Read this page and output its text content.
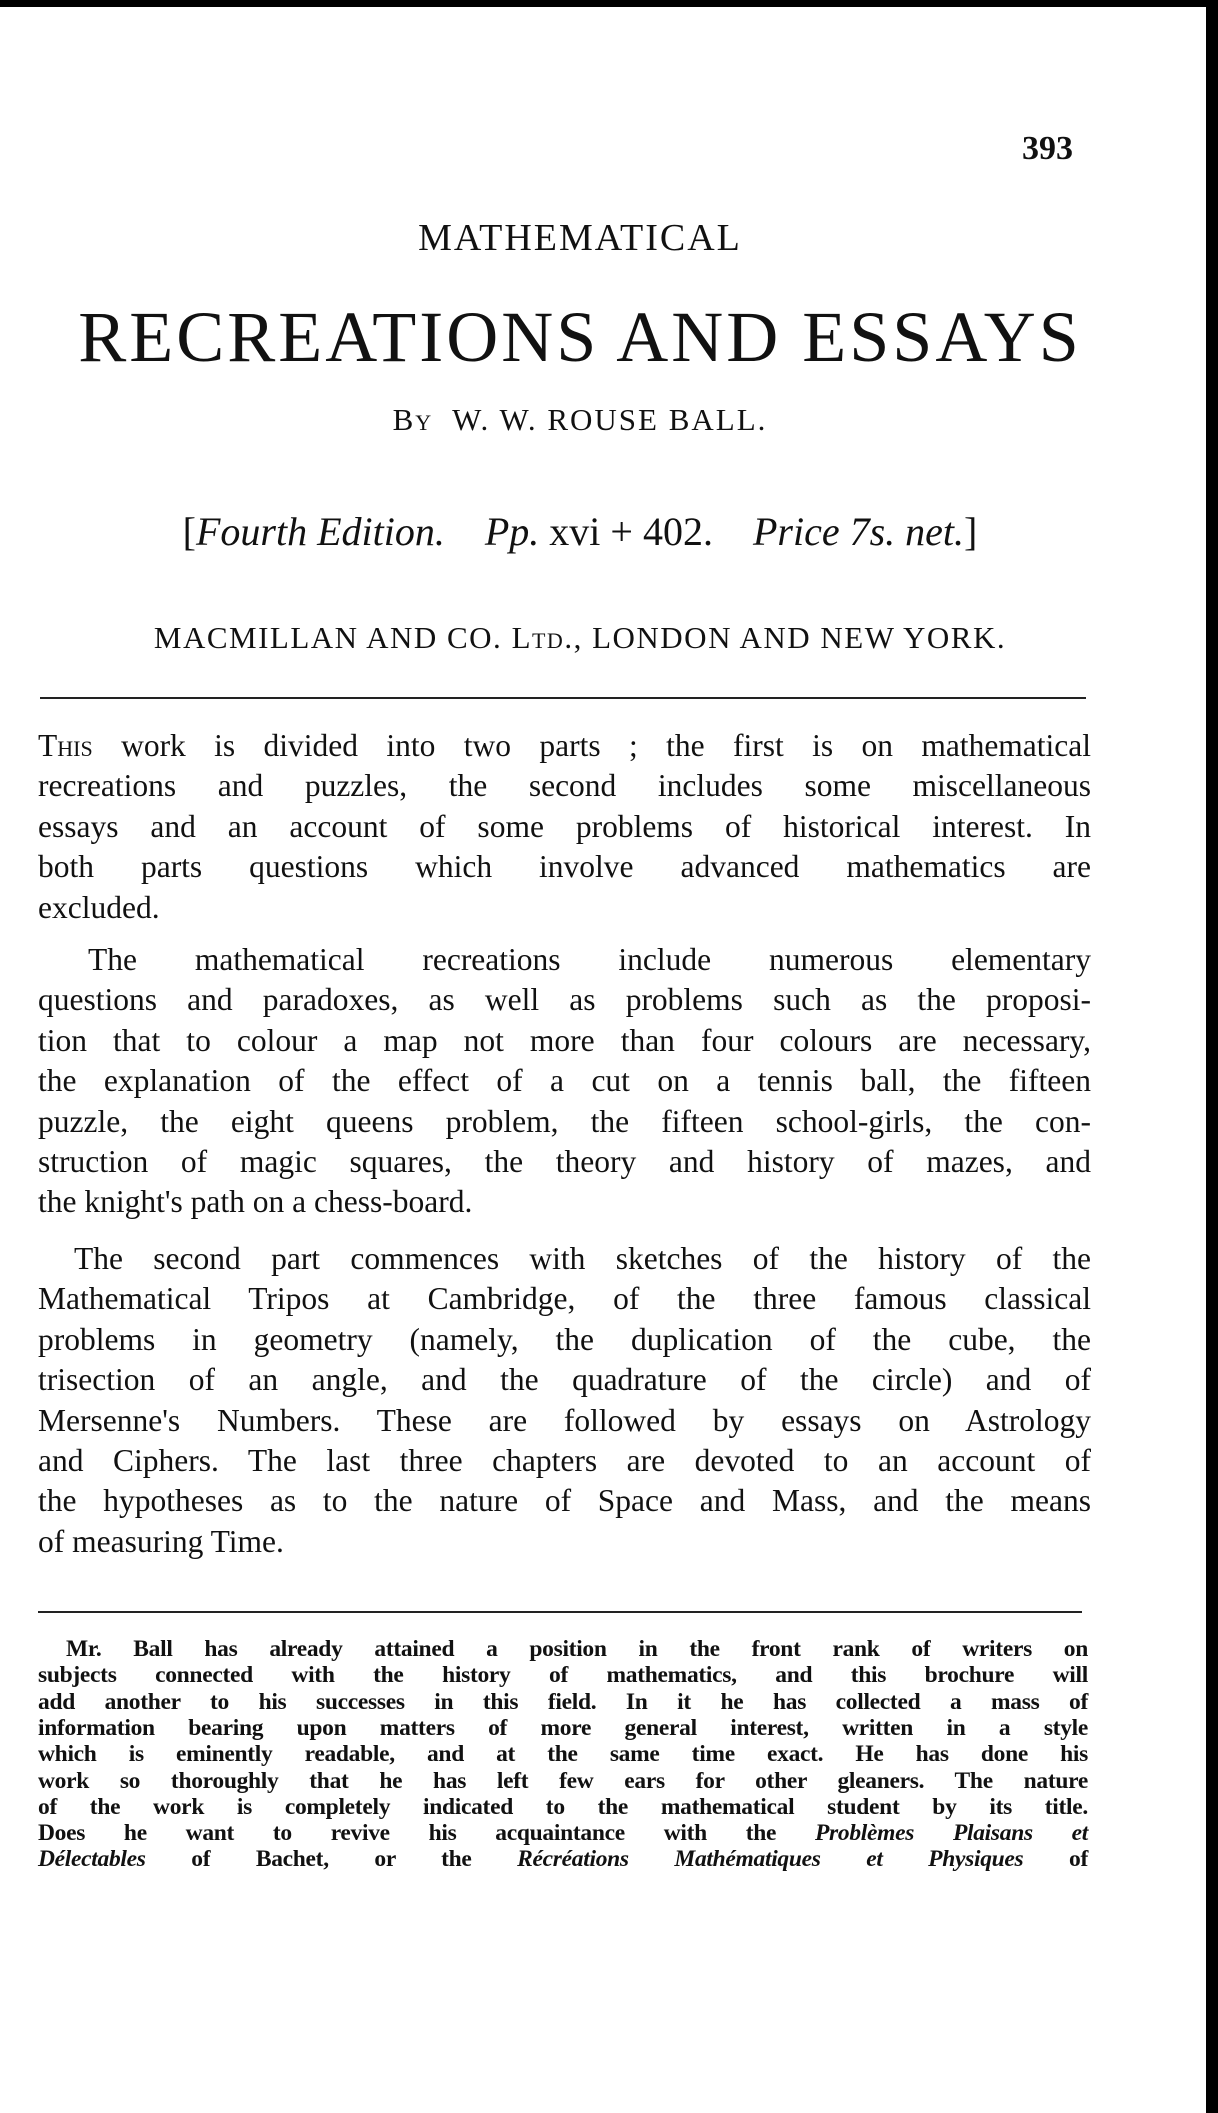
393
MATHEMATICAL
RECREATIONS AND ESSAYS
By W. W. ROUSE BALL.
[Fourth Edition. Pp. xvi + 402. Price 7s. net.]
MACMILLAN AND CO. Ltd., LONDON AND NEW YORK.
This work is divided into two parts ; the first is on mathematical
recreations and puzzles, the second includes some miscellaneous
essays and an account of some problems of historical interest. In
both parts questions which involve advanced mathematics are
excluded.
The mathematical recreations include numerous elementary
questions and paradoxes, as well as problems such as the proposi-
tion that to colour a map not more than four colours are necessary,
the explanation of the effect of a cut on a tennis ball, the fifteen
puzzle, the eight queens problem, the fifteen school-girls, the con-
struction of magic squares, the theory and history of mazes, and
the knight's path on a chess-board.
The second part commences with sketches of the history of the
Mathematical Tripos at Cambridge, of the three famous classical
problems in geometry (namely, the duplication of the cube, the
trisection of an angle, and the quadrature of the circle) and of
Mersenne's Numbers. These are followed by essays on Astrology
and Ciphers. The last three chapters are devoted to an account of
the hypotheses as to the nature of Space and Mass, and the means
of measuring Time.
Mr. Ball has already attained a position in the front rank of writers on
subjects connected with the history of mathematics, and this brochure will
add another to his successes in this field. In it he has collected a mass of
information bearing upon matters of more general interest, written in a style
which is eminently readable, and at the same time exact. He has done his
work so thoroughly that he has left few ears for other gleaners. The nature
of the work is completely indicated to the mathematical student by its title.
Does he want to revive his acquaintance with the Problèmes Plaisans et
Délectables of Bachet, or the Récréations Mathématiques et Physiques of
